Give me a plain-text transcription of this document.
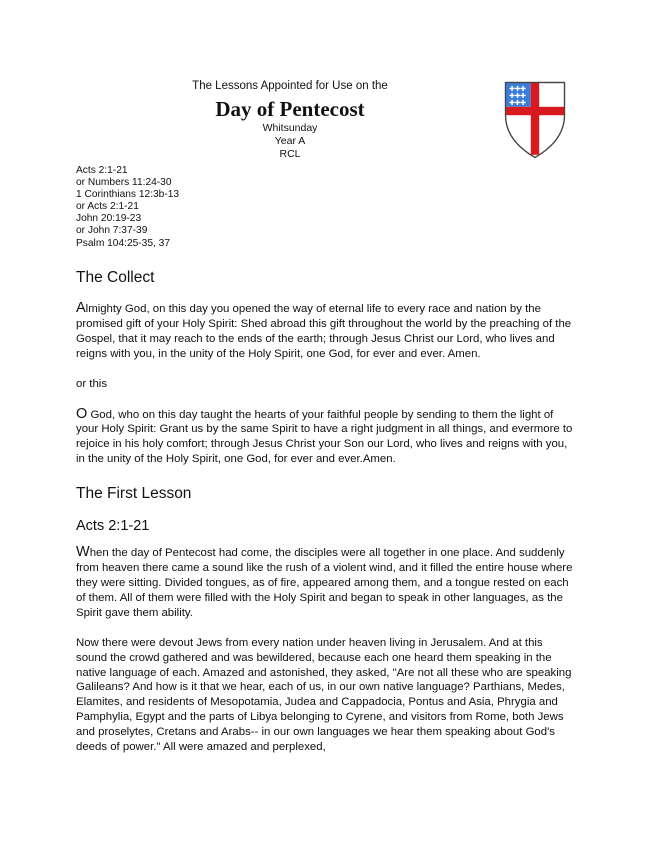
The Lessons Appointed for Use on the
Day of Pentecost
Whitsunday
Year A
RCL
✚ ✚
✚
✚ ✚
✚
✚ ✚
✚
Acts 2:1-21
or Numbers 11:24-30
1 Corinthians 12:3b-13
or Acts 2:1-21
John 20:19-23
or John 7:37-39
Psalm 104:25-35, 37
The Collect

Almighty God, on this day you opened the way of eternal life to every race and nation by the promised gift of your Holy Spirit: Shed abroad this gift throughout the world by the preaching of the Gospel, that it may reach to the ends of the earth; through Jesus Christ our Lord, who lives and reigns with you, in the unity of the Holy Spirit, one God, for ever and ever. Amen.

or this

O God, who on this day taught the hearts of your faithful people by sending to them the light of your Holy Spirit: Grant us by the same Spirit to have a right judgment in all things, and evermore to rejoice in his holy comfort; through Jesus Christ your Son our Lord, who lives and reigns with you, in the unity of the Holy Spirit, one God, for ever and ever.Amen.

The First Lesson
Acts 2:1-21

When the day of Pentecost had come, the disciples were all together in one place. And suddenly from heaven there came a sound like the rush of a violent wind, and it filled the entire house where they were sitting. Divided tongues, as of fire, appeared among them, and a tongue rested on each of them. All of them were filled with the Holy Spirit and began to speak in other languages, as the Spirit gave them ability.

Now there were devout Jews from every nation under heaven living in Jerusalem. And at this sound the crowd gathered and was bewildered, because each one heard them speaking in the native language of each. Amazed and astonished, they asked, "Are not all these who are speaking Galileans? And how is it that we hear, each of us, in our own native language? Parthians, Medes, Elamites, and residents of Mesopotamia, Judea and Cappadocia, Pontus and Asia, Phrygia and Pamphylia, Egypt and the parts of Libya belonging to Cyrene, and visitors from Rome, both Jews and proselytes, Cretans and Arabs-- in our own languages we hear them speaking about God's deeds of power." All were amazed and perplexed,
